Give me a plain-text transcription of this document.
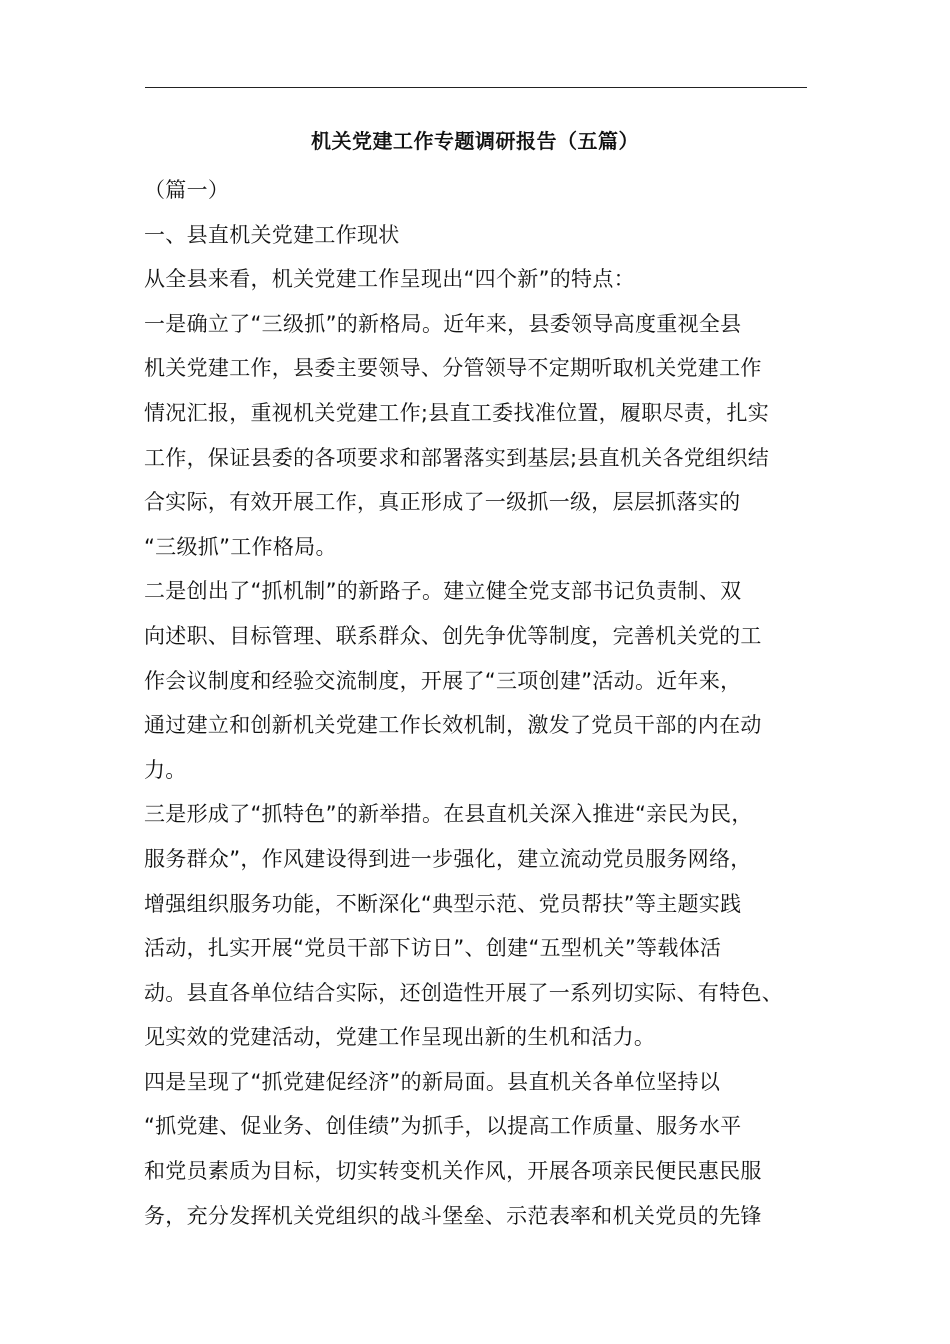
机关党建工作专题调研报告（五篇）
（篇一）
一、县直机关党建工作现状
从全县来看，机关党建工作呈现出“四个新”的特点：
一是确立了“三级抓”的新格局。近年来，县委领导高度重视全县
机关党建工作，县委主要领导、分管领导不定期听取机关党建工作
情况汇报，重视机关党建工作;县直工委找准位置，履职尽责，扎实
工作，保证县委的各项要求和部署落实到基层;县直机关各党组织结
合实际，有效开展工作，真正形成了一级抓一级，层层抓落实的
“三级抓”工作格局。
二是创出了“抓机制”的新路子。建立健全党支部书记负责制、双
向述职、目标管理、联系群众、创先争优等制度，完善机关党的工
作会议制度和经验交流制度，开展了“三项创建”活动。近年来，
通过建立和创新机关党建工作长效机制，激发了党员干部的内在动
力。
三是形成了“抓特色”的新举措。在县直机关深入推进“亲民为民，
服务群众”，作风建设得到进一步强化，建立流动党员服务网络，
增强组织服务功能，不断深化“典型示范、党员帮扶”等主题实践
活动，扎实开展“党员干部下访日”、创建“五型机关”等载体活
动。县直各单位结合实际，还创造性开展了一系列切实际、有特色、
见实效的党建活动，党建工作呈现出新的生机和活力。
四是呈现了“抓党建促经济”的新局面。县直机关各单位坚持以
“抓党建、促业务、创佳绩”为抓手，以提高工作质量、服务水平
和党员素质为目标，切实转变机关作风，开展各项亲民便民惠民服
务，充分发挥机关党组织的战斗堡垒、示范表率和机关党员的先锋
